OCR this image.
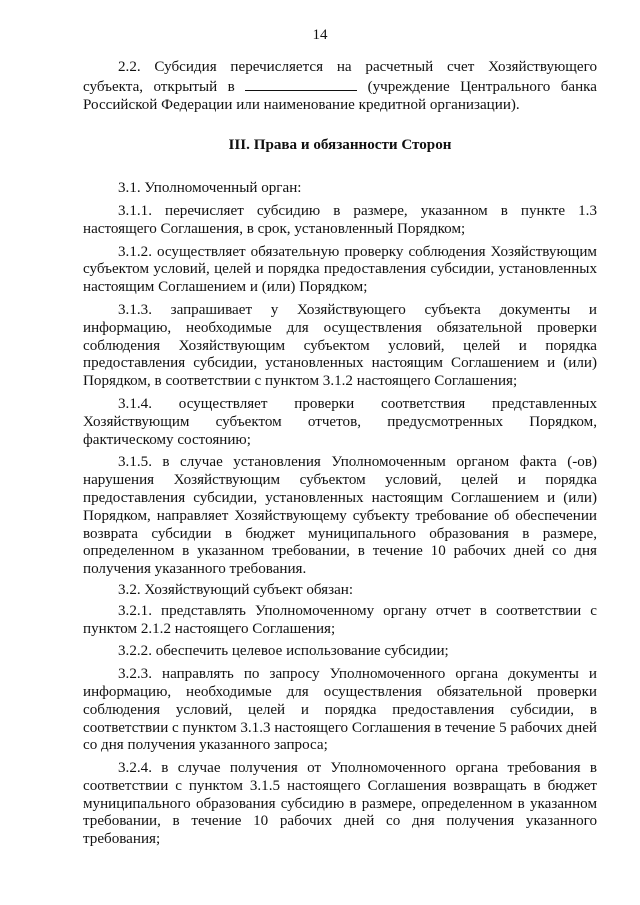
14

2.2. Субсидия перечисляется на расчетный счет Хозяйствующего субъекта, открытый в	(учреждение Центрального банка Российской Федерации или наименование кредитной организации).

III. Права и обязанности Сторон

3.1. Уполномоченный орган:

3.1.1. перечисляет субсидию в размере, указанном в пункте 1.3 настоящего Соглашения, в срок, установленный Порядком;

3.1.2. осуществляет обязательную проверку соблюдения Хозяйствующим субъектом условий, целей и порядка предоставления субсидии, установленных настоящим Соглашением и (или) Порядком;

3.1.3. запрашивает у Хозяйствующего субъекта документы и информацию, необходимые для осуществления обязательной проверки соблюдения Хозяйствующим субъектом условий, целей и порядка предоставления субсидии, установленных настоящим Соглашением и (или) Порядком, в соответствии с пунктом 3.1.2 настоящего Соглашения;

3.1.4. осуществляет проверки соответствия представленных Хозяйствующим субъектом отчетов, предусмотренных Порядком, фактическому состоянию;

3.1.5. в случае установления Уполномоченным органом факта (-ов) нарушения Хозяйствующим субъектом условий, целей и порядка предоставления субсидии, установленных настоящим Соглашением и (или) Порядком, направляет Хозяйствующему субъекту требование об обеспечении возврата субсидии в бюджет муниципального образования в размере, определенном в указанном требовании, в течение 10 рабочих дней со дня получения указанного требования.

3.2. Хозяйствующий субъект обязан:

3.2.1. представлять Уполномоченному органу отчет в соответствии с пунктом 2.1.2 настоящего Соглашения;

3.2.2. обеспечить целевое использование субсидии;

3.2.3. направлять по запросу Уполномоченного органа документы и информацию, необходимые для осуществления обязательной проверки соблюдения условий, целей и порядка предоставления субсидии, в соответствии с пунктом 3.1.3 настоящего Соглашения в течение 5 рабочих дней со дня получения указанного запроса;

3.2.4. в случае получения от Уполномоченного органа требования в соответствии с пунктом 3.1.5 настоящего Соглашения возвращать в бюджет муниципального образования субсидию в размере, определенном в указанном требовании, в течение 10 рабочих дней со дня получения указанного требования;
